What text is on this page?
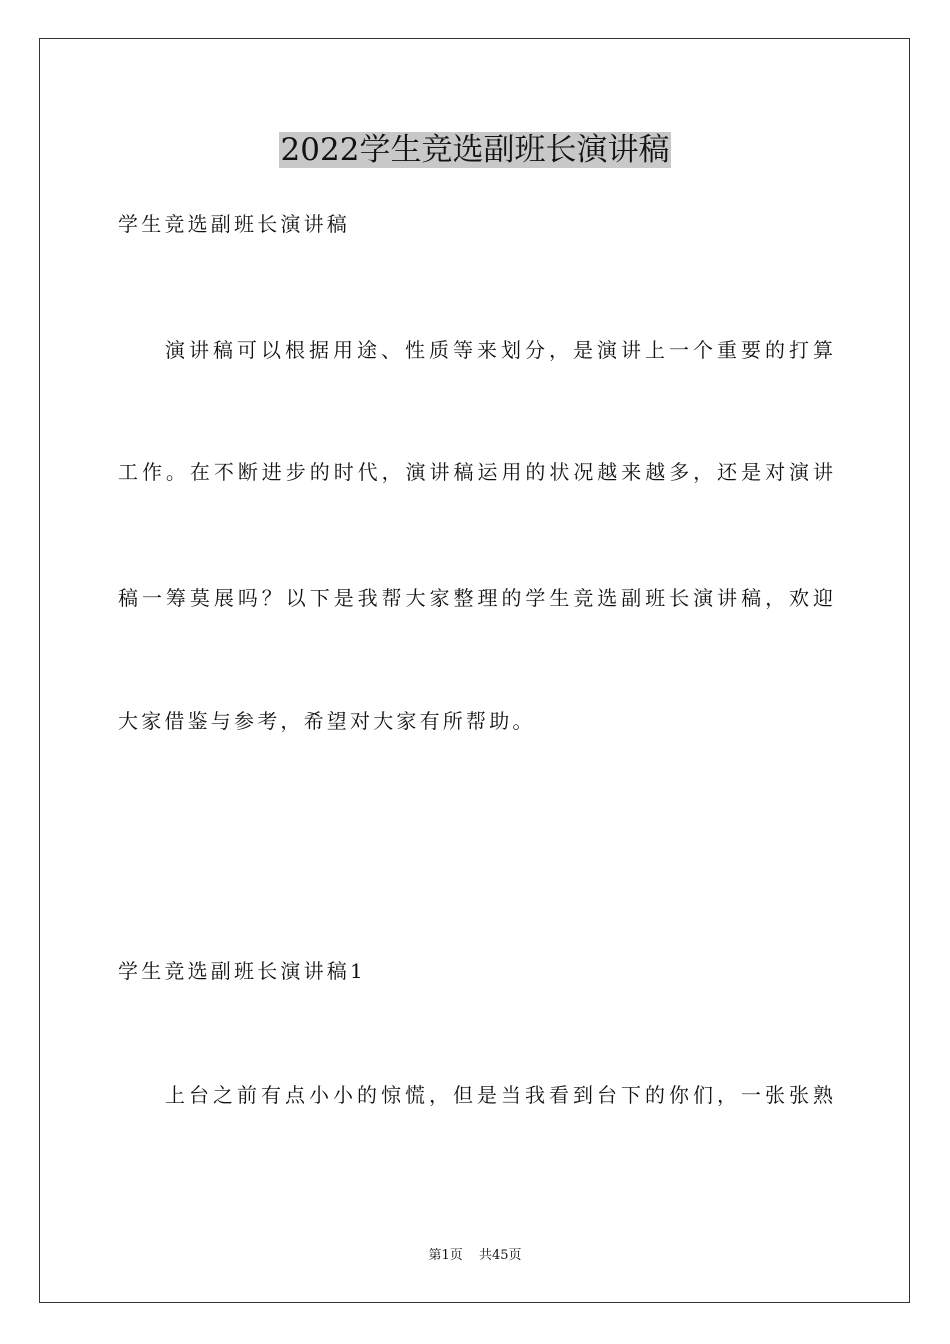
2022学生竞选副班长演讲稿

学生竞选副班长演讲稿

演讲稿可以根据用途、性质等来划分，是演讲上一个重要的打算

工作。在不断进步的时代，演讲稿运用的状况越来越多，还是对演讲

稿一筹莫展吗？以下是我帮大家整理的学生竞选副班长演讲稿，欢迎

大家借鉴与参考，希望对大家有所帮助。

学生竞选副班长演讲稿1

上台之前有点小小的惊慌，但是当我看到台下的你们，一张张熟

第1页 共45页
